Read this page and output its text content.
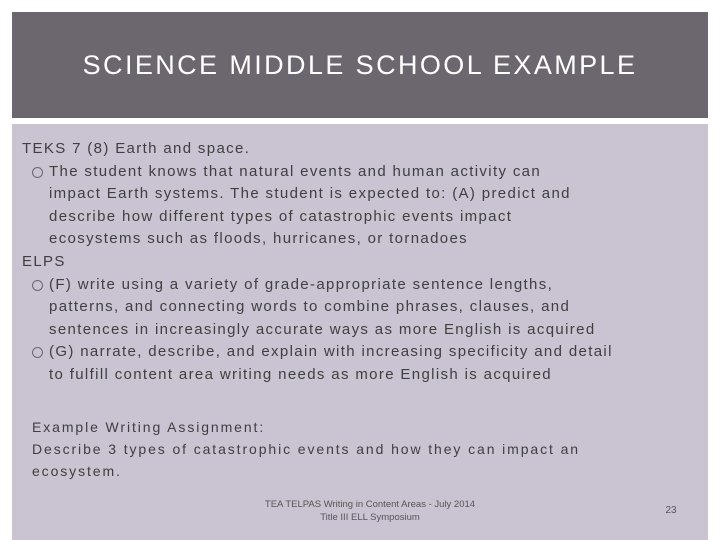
SCIENCE MIDDLE SCHOOL EXAMPLE
TEKS 7 (8) Earth and space.
The student knows that natural events and human activity can
impact Earth systems. The student is expected to: (A) predict and
describe how different types of catastrophic events impact
ecosystems such as floods, hurricanes, or tornadoes
ELPS
(F) write using a variety of grade-appropriate sentence lengths,
patterns, and connecting words to combine phrases, clauses, and
sentences in increasingly accurate ways as more English is acquired
(G) narrate, describe, and explain with increasing specificity and detail
to fulfill content area writing needs as more English is acquired
Example Writing Assignment:
Describe 3 types of catastrophic events and how they can impact an
ecosystem.
TEA TELPAS Writing in Content Areas - July 2014
Title III ELL Symposium
23
